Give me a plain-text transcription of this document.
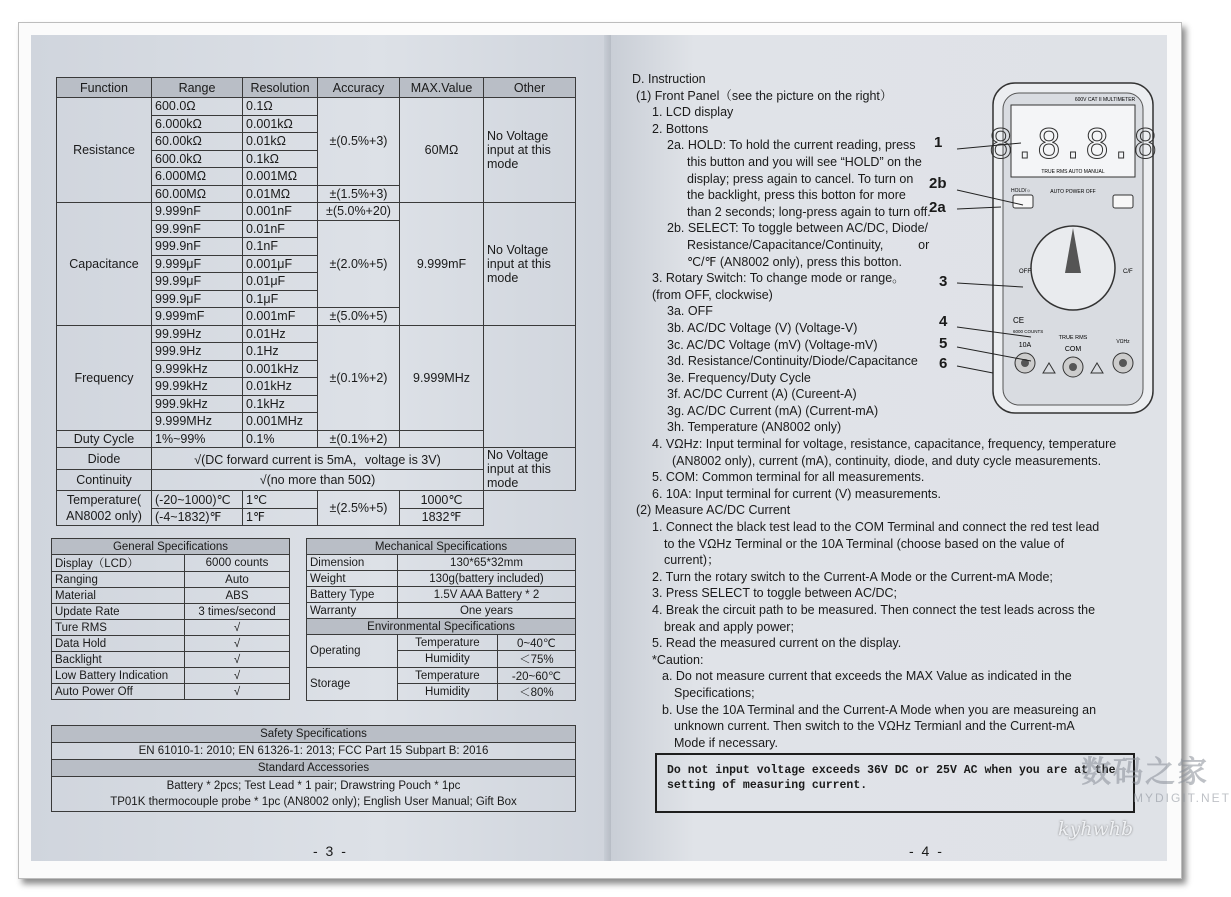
Function	Range	Resolution	Accuracy	MAX.Value	Other
Resistance	600.0Ω	0.1Ω	±(0.5%+3)	60MΩ	No Voltage input at this mode
	6.000kΩ	0.001kΩ			
	60.00kΩ	0.01kΩ			
	600.0kΩ	0.1kΩ			
	6.000MΩ	0.001MΩ			
	60.00MΩ	0.01MΩ	±(1.5%+3)		
Capacitance	9.999nF	0.001nF	±(5.0%+20)	9.999mF	No Voltage input at this mode
	99.99nF	0.01nF	±(2.0%+5)		
	999.9nF	0.1nF			
	9.999μF	0.001μF			
	99.99μF	0.01μF			
	999.9μF	0.1μF			
	9.999mF	0.001mF	±(5.0%+5)		
Frequency	99.99Hz	0.01Hz	±(0.1%+2)	9.999MHz	
	999.9Hz	0.1Hz			
	9.999kHz	0.001kHz			
	99.99kHz	0.01kHz			
	999.9kHz	0.1kHz			
	9.999MHz	0.001MHz			
Duty Cycle	1%~99%	0.1%	±(0.1%+2)		
Diode	√(DC forward current is 5mA，voltage is 3V)				No Voltage input at this mode
Continuity	√(no more than 50Ω)				
Temperature( AN8002 only)	(-20~1000)℃	1℃	±(2.5%+5)	1000℃	
	(-4~1832)℉	1℉		1832℉	
General Specifications	
Display（LCD）	6000 counts
Ranging	Auto
Material	ABS
Update Rate	3 times/second
Ture RMS	√
Data Hold	√
Backlight	√
Low Battery Indication	√
Auto Power Off	√
Mechanical Specifications		
Dimension	130*65*32mm	
Weight	130g(battery included)	
Battery Type	1.5V AAA Battery * 2	
Warranty	One years	
Environmental Specifications		
Operating	Temperature	0~40℃
	Humidity	＜75%
Storage	Temperature	-20~60℃
	Humidity	＜80%
Safety Specifications
EN 61010-1: 2010; EN 61326-1: 2013; FCC Part 15 Subpart B: 2016
Standard Accessories

Battery * 2pcs; Test Lead * 1 pair; Drawstring Pouch * 1pc
TP01K thermocouple probe * 1pc (AN8002 only); English User Manual; Gift Box
- 3 -
D. Instruction
(1) Front Panel（see the picture on the right）
1. LCD display
2. Bottons
2a. HOLD: To hold the current reading, press
this button and you will see “HOLD” on the
display; press again to cancel. To turn on
the backlight, press this botton for more
than 2 seconds; long-press again to turn off.
2b. SELECT: To toggle between AC/DC, Diode/
Resistance/Capacitance/Continuity,          or
℃/℉ (AN8002 only), press this botton.
3. Rotary Switch: To change mode or range。
(from OFF, clockwise)
3a. OFF
3b. AC/DC Voltage (V) (Voltage-V)
3c. AC/DC Voltage (mV) (Voltage-mV)
3d. Resistance/Continuity/Diode/Capacitance
3e. Frequency/Duty Cycle
3f. AC/DC Current (A) (Cureent-A)
3g. AC/DC Current (mA) (Current-mA)
3h. Temperature (AN8002 only)
4. VΩHz: Input terminal for voltage, resistance, capacitance, frequency, temperature
(AN8002 only), current (mA), continuity, diode, and duty cycle measurements.
5. COM: Common terminal for all measurements.
6. 10A: Input terminal for current (V) measurements.
(2) Measure AC/DC Current
1. Connect the black test lead to the COM Terminal and connect the red test lead
to the VΩHz Terminal or the 10A Terminal (choose based on the value of
current)；
2. Turn the rotary switch to the Current-A Mode or the Current-mA Mode;
3. Press SELECT to toggle between AC/DC;
4. Break the circuit path to be measured. Then connect the test leads across the
break and apply power;
5. Read the measured current on the display.
*Caution:
a. Do not measure current that exceeds the MAX Value as indicated in the
Specifications;
b. Use the 10A Terminal and the Current-A Mode when you are measureing an
unknown current. Then switch to the VΩHz Termianl and the Current-mA
Mode if necessary.
600V CAT II MULTIMETER
8.8.8.8
TRUE RMS AUTO MANUAL
HOLD/☼	AUTO POWER OFF
OFF	C/F
CE
6000 COUNTS
TRUE RMS
10A
COM
VΩHz
1
2b
2a
3
4
5
6
Do not input voltage exceeds 36V DC or 25V AC when you are at the
setting of measuring current.	数码之家
MYDIGIT.NET
- 4 -
kyhwhb
